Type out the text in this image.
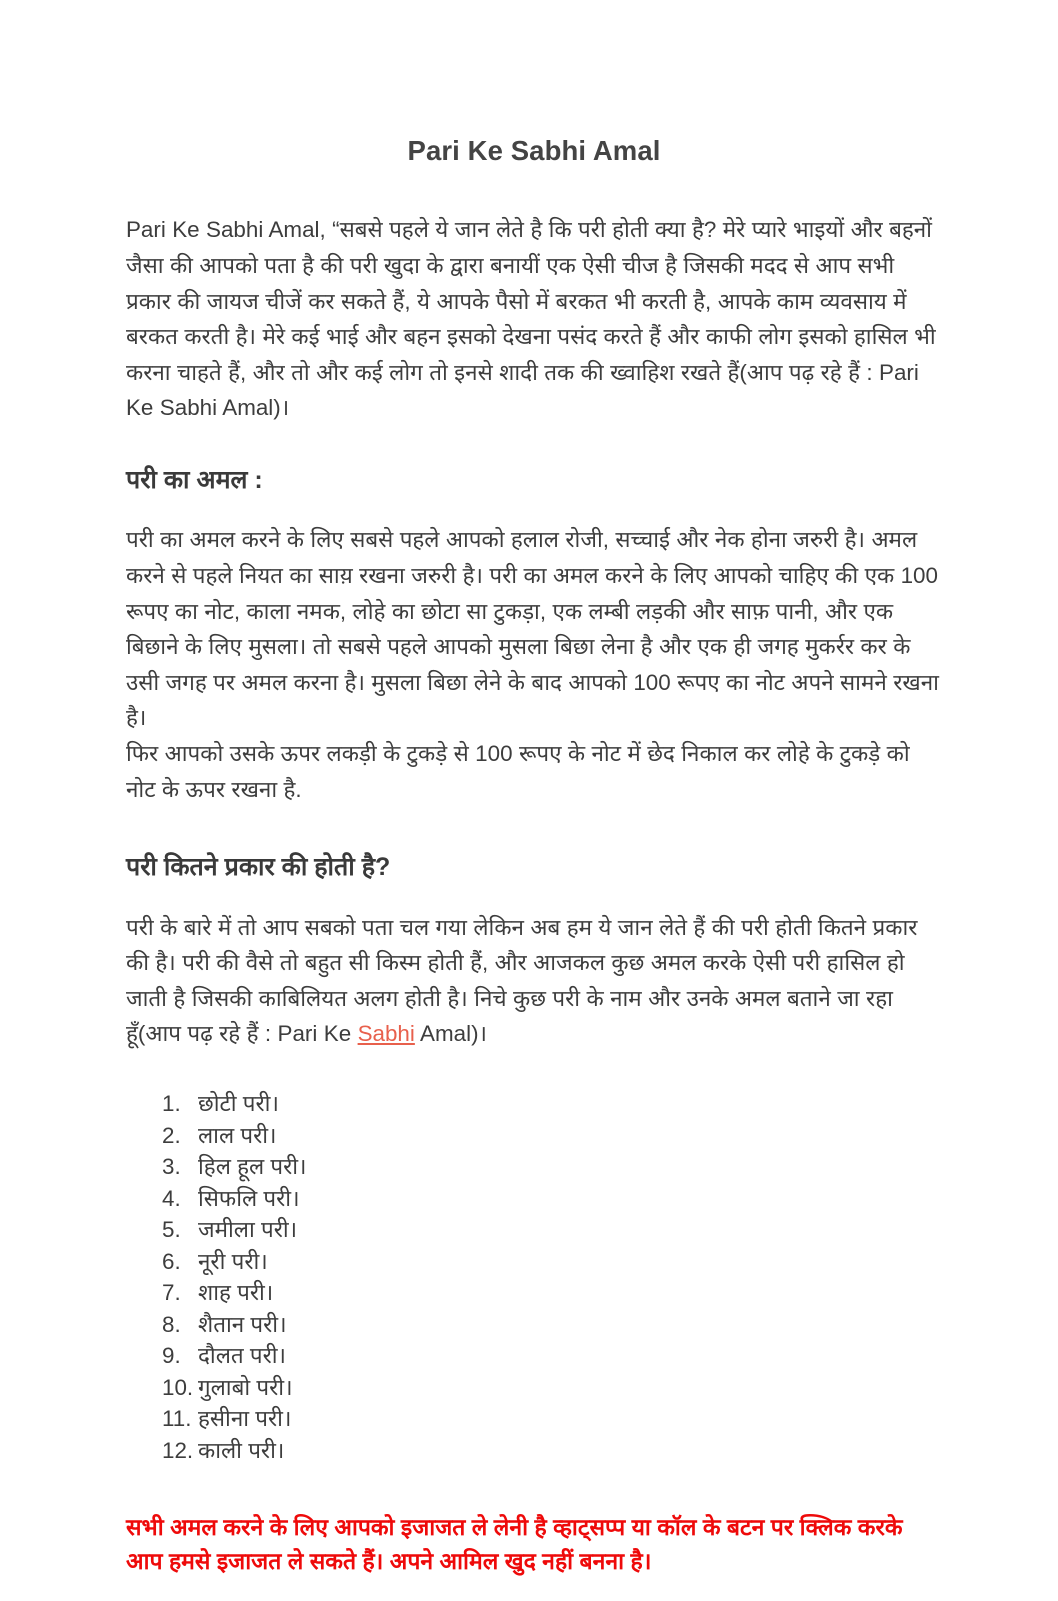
Pari Ke Sabhi Amal

Pari Ke Sabhi Amal, “सबसे पहले ये जान लेते है कि परी होती क्या है? मेरे प्यारे भाइयों और बहनों जैसा की आपको पता है की परी खुदा के द्वारा बनायीं एक ऐसी चीज है जिसकी मदद से आप सभी प्रकार की जायज चीजें कर सकते हैं, ये आपके पैसो में बरकत भी करती है, आपके काम व्यवसाय में बरकत करती है। मेरे कई भाई और बहन इसको देखना पसंद करते हैं और काफी लोग इसको हासिल भी करना चाहते हैं, और तो और कई लोग तो इनसे शादी तक की ख्वाहिश रखते हैं(आप पढ़ रहे हैं : Pari Ke Sabhi Amal)।

परी का अमल :

परी का अमल करने के लिए सबसे पहले आपको हलाल रोजी, सच्चाई और नेक होना जरुरी है। अमल करने से पहले नियत का साय़ रखना जरुरी है। परी का अमल करने के लिए आपको चाहिए की एक 100 रूपए का नोट, काला नमक, लोहे का छोटा सा टुकड़ा, एक लम्बी लड़की और साफ़ पानी, और एक बिछाने के लिए मुसला। तो सबसे पहले आपको मुसला बिछा लेना है और एक ही जगह मुकर्रर कर के उसी जगह पर अमल करना है। मुसला बिछा लेने के बाद आपको 100 रूपए का नोट अपने सामने रखना है।

फिर आपको उसके ऊपर लकड़ी के टुकड़े से 100 रूपए के नोट में छेद निकाल कर लोहे के टुकड़े को नोट के ऊपर रखना है.

परी कितने प्रकार की होती है?

परी के बारे में तो आप सबको पता चल गया लेकिन अब हम ये जान लेते हैं की परी होती कितने प्रकार की है। परी की वैसे तो बहुत सी किस्म होती हैं, और आजकल कुछ अमल करके ऐसी परी हासिल हो जाती है जिसकी काबिलियत अलग होती है। निचे कुछ परी के नाम और उनके अमल बताने जा रहा हूँ(आप पढ़ रहे हैं : Pari Ke Sabhi Amal)।

छोटी परी।
लाल परी।
हिल हूल परी।
सिफलि परी।
जमीला परी।
नूरी परी।
शाह परी।
शैतान परी।
दौलत परी।
गुलाबो परी।
हसीना परी।
काली परी।

सभी अमल करने के लिए आपको इजाजत ले लेनी है व्हाट्सप्प या कॉल के बटन पर क्लिक करके आप हमसे इजाजत ले सकते हैं। अपने आमिल खुद नहीं बनना है।
